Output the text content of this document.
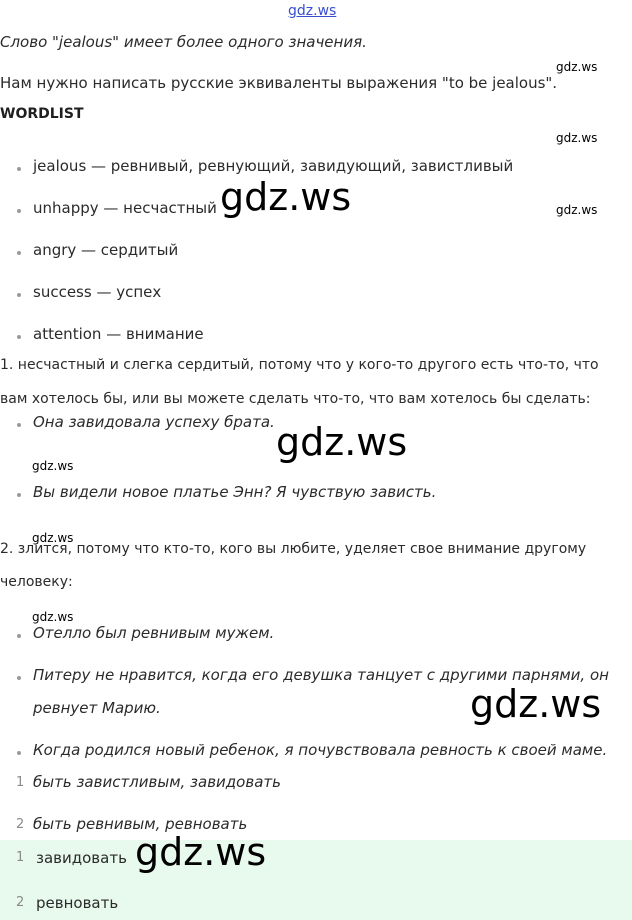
gdz.ws
Слово "jealous" имеет более одного значения.
gdz.ws
Нам нужно написать русские эквиваленты выражения "to be jealous".
WORDLIST
gdz.ws
jealous — ревнивый, ревнующий, завидующий, завистливый
unhappy — несчастный gdz.ws	gdz.ws
angry — сердитый
success — успех
attention — внимание
1. несчастный и слегка сердитый, потому что у кого-то другого есть что-то, что
вам хотелось бы, или вы можете сделать что-то, что вам хотелось бы сделать:
Она завидовала успеху брата. gdz.ws
gdz.ws
Вы видели новое платье Энн? Я чувствую зависть.
gdz.ws
2. злится, потому что кто-то, кого вы любите, уделяет свое внимание другому
человеку:
gdz.ws
Отелло был ревнивым мужем.
Питеру не нравится, когда его девушка танцует с другими парнями, он
ревнует Марию.	gdz.ws
Когда родился новый ребенок, я почувствовала ревность к своей маме.
1 быть завистливым, завидовать
2 быть ревнивым, ревновать
1 завидовать gdz.ws
2 ревновать
